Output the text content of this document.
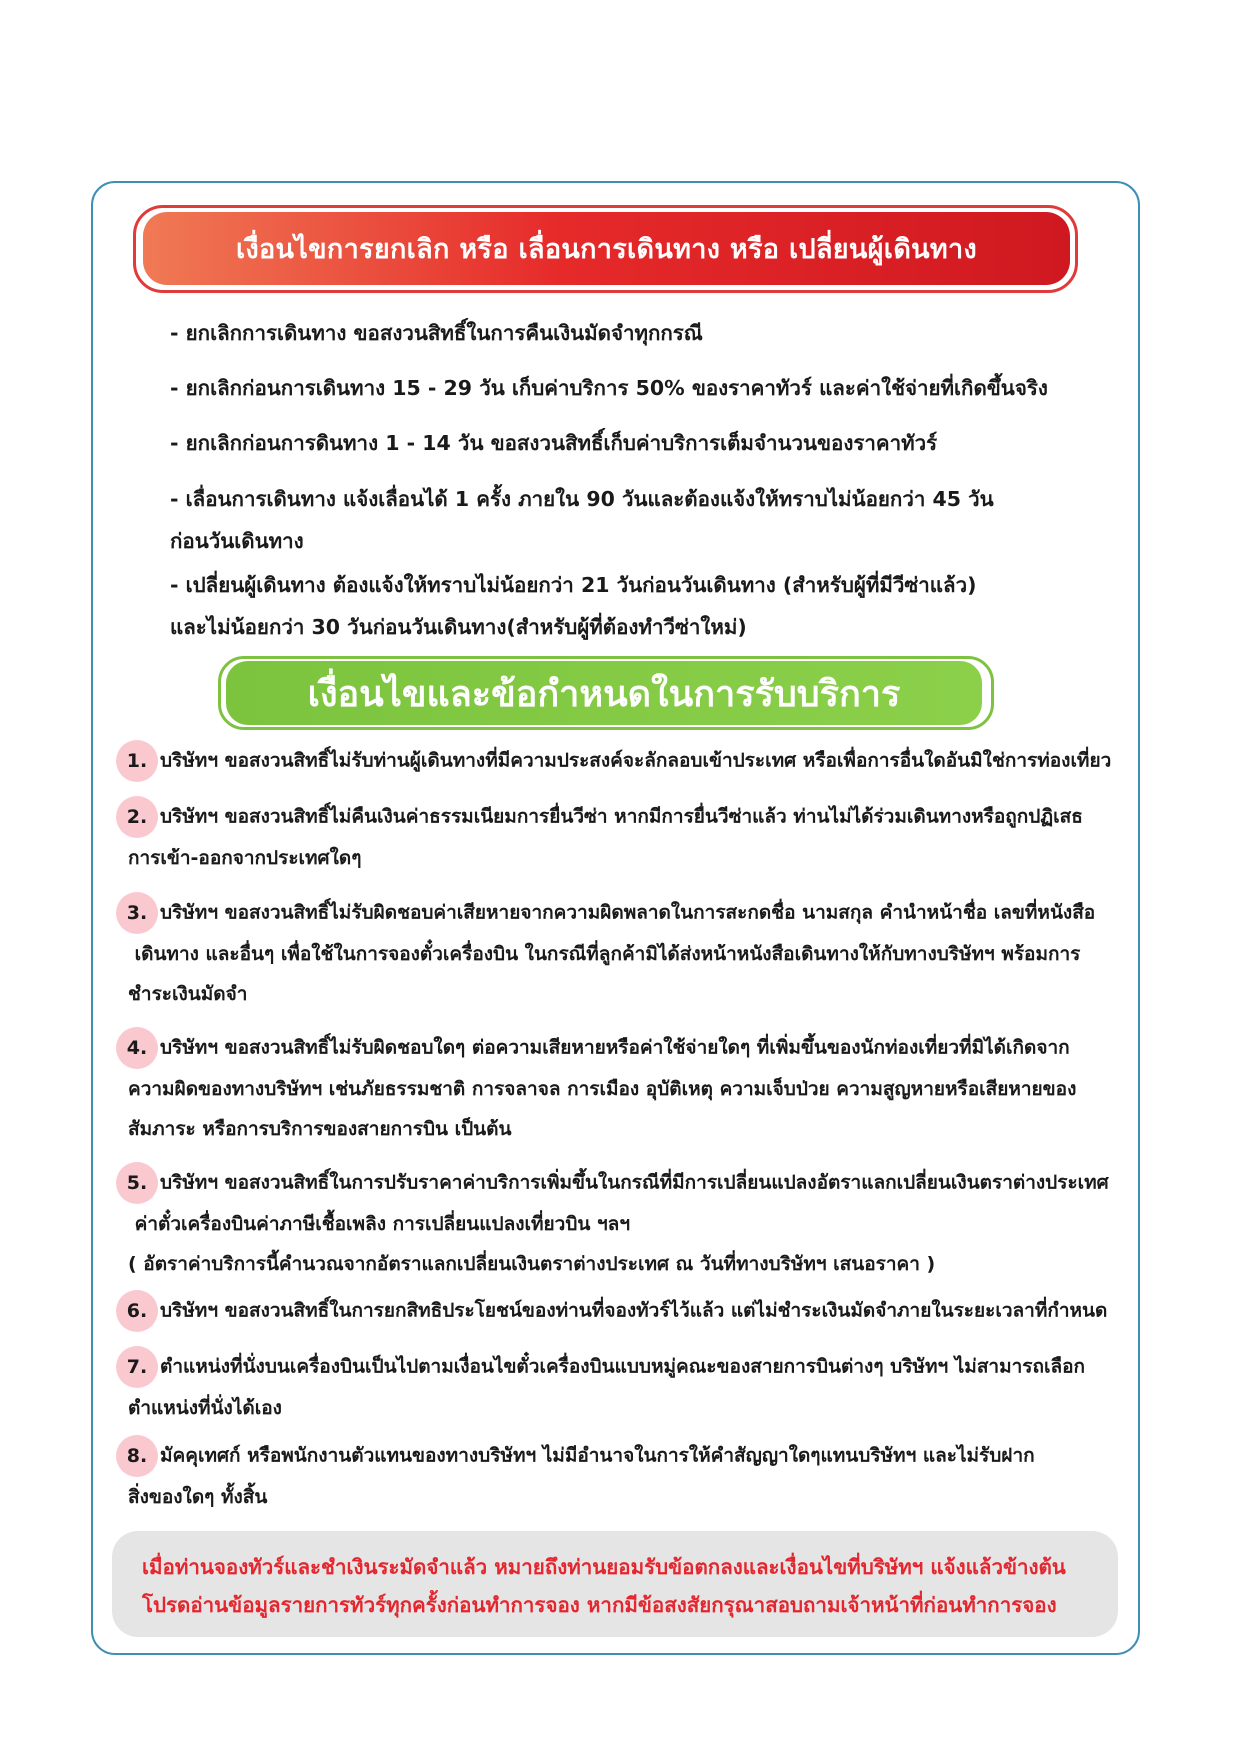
เงื่อนไขการยกเลิก หรือ เลื่อนการเดินทาง หรือ เปลี่ยนผู้เดินทาง
- ยกเลิกการเดินทาง ขอสงวนสิทธิ์ในการคืนเงินมัดจำทุกกรณี
- ยกเลิกก่อนการเดินทาง 15 - 29 วัน เก็บค่าบริการ 50% ของราคาทัวร์ และค่าใช้จ่ายที่เกิดขึ้นจริง
- ยกเลิกก่อนการดินทาง 1 - 14 วัน ขอสงวนสิทธิ์เก็บค่าบริการเต็มจำนวนของราคาทัวร์
- เลื่อนการเดินทาง แจ้งเลื่อนได้ 1 ครั้ง ภายใน 90 วันและต้องแจ้งให้ทราบไม่น้อยกว่า 45 วัน
ก่อนวันเดินทาง
- เปลี่ยนผู้เดินทาง ต้องแจ้งให้ทราบไม่น้อยกว่า 21 วันก่อนวันเดินทาง (สำหรับผู้ที่มีวีซ่าแล้ว)
และไม่น้อยกว่า 30 วันก่อนวันเดินทาง(สำหรับผู้ที่ต้องทำวีซ่าใหม่)
เงื่อนไขและข้อกำหนดในการรับบริการ
1. บริษัทฯ ขอสงวนสิทธิ์ไม่รับท่านผู้เดินทางที่มีความประสงค์จะลักลอบเข้าประเทศ หรือเพื่อการอื่นใดอันมิใช่การท่องเที่ยว
2. บริษัทฯ ขอสงวนสิทธิ์ไม่คืนเงินค่าธรรมเนียมการยื่นวีซ่า หากมีการยื่นวีซ่าแล้ว ท่านไม่ได้ร่วมเดินทางหรือถูกปฏิเสธ
การเข้า-ออกจากประเทศใดๆ
3. บริษัทฯ ขอสงวนสิทธิ์ไม่รับผิดชอบค่าเสียหายจากความผิดพลาดในการสะกดชื่อ นามสกุล คำนำหน้าชื่อ เลขที่หนังสือ
เดินทาง และอื่นๆ เพื่อใช้ในการจองตั๋วเครื่องบิน ในกรณีที่ลูกค้ามิได้ส่งหน้าหนังสือเดินทางให้กับทางบริษัทฯ พร้อมการ
ชำระเงินมัดจำ
4. บริษัทฯ ขอสงวนสิทธิ์ไม่รับผิดชอบใดๆ ต่อความเสียหายหรือค่าใช้จ่ายใดๆ ที่เพิ่มขึ้นของนักท่องเที่ยวที่มิได้เกิดจาก
ความผิดของทางบริษัทฯ เช่นภัยธรรมชาติ การจลาจล การเมือง อุบัติเหตุ ความเจ็บป่วย ความสูญหายหรือเสียหายของ
สัมภาระ หรือการบริการของสายการบิน เป็นต้น
5. บริษัทฯ ขอสงวนสิทธิ์ในการปรับราคาค่าบริการเพิ่มขึ้นในกรณีที่มีการเปลี่ยนแปลงอัตราแลกเปลี่ยนเงินตราต่างประเทศ
ค่าตั๋วเครื่องบินค่าภาษีเชื้อเพลิง การเปลี่ยนแปลงเที่ยวบิน ฯลฯ
( อัตราค่าบริการนี้คำนวณจากอัตราแลกเปลี่ยนเงินตราต่างประเทศ ณ วันที่ทางบริษัทฯ เสนอราคา )
6. บริษัทฯ ขอสงวนสิทธิ์ในการยกสิทธิประโยชน์ของท่านที่จองทัวร์ไว้แล้ว แต่ไม่ชำระเงินมัดจำภายในระยะเวลาที่กำหนด
7. ตำแหน่งที่นั่งบนเครื่องบินเป็นไปตามเงื่อนไขตั๋วเครื่องบินแบบหมู่คณะของสายการบินต่างๆ บริษัทฯ ไม่สามารถเลือก
ตำแหน่งที่นั่งได้เอง
8. มัคคุเทศก์ หรือพนักงานตัวแทนของทางบริษัทฯ ไม่มีอำนาจในการให้คำสัญญาใดๆแทนบริษัทฯ และไม่รับฝาก
สิ่งของใดๆ ทั้งสิ้น
เมื่อท่านจองทัวร์และชำเงินระมัดจำแล้ว หมายถึงท่านยอมรับข้อตกลงและเงื่อนไขที่บริษัทฯ แจ้งแล้วข้างต้น
โปรดอ่านข้อมูลรายการทัวร์ทุกครั้งก่อนทำการจอง หากมีข้อสงสัยกรุณาสอบถามเจ้าหน้าที่ก่อนทำการจอง
